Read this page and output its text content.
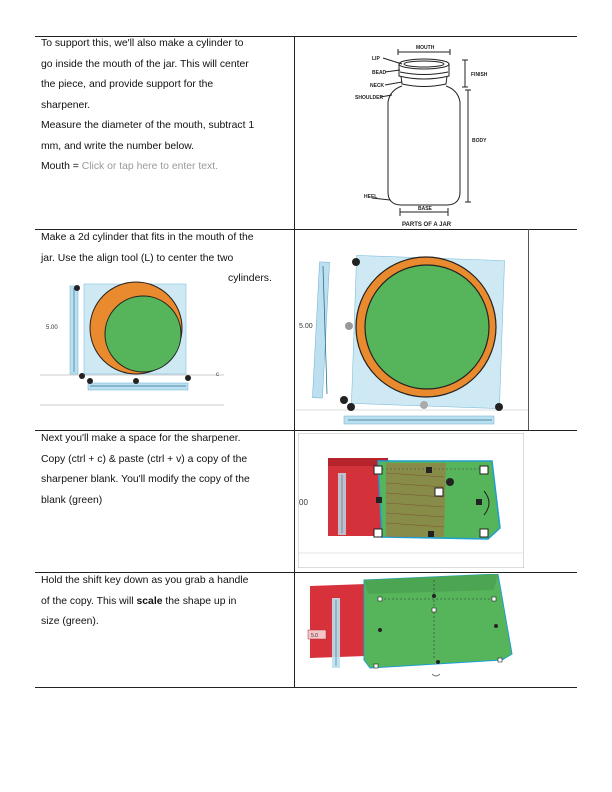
To support this, we'll also make a cylinder to
go inside the mouth of the jar. This will center
the piece, and provide support for the
sharpener.
Measure the diameter of the mouth, subtract 1
mm, and write the number below.
Mouth = Click or tap here to enter text.
MOUTH
LIP
BEAD
NECK
SHOULDER
FINISH
BODY
HEEL
BASE
PARTS OF A JAR
Make a 2d cylinder that fits in the mouth of the
jar. Use the align tool (L) to center the two
cylinders.
5.00
c
5.00
Next you'll make a space for the sharpener.
Copy (ctrl + c) & paste (ctrl + v) a copy of the
sharpener blank. You'll modify the copy of the
blank (green)	00
Hold the shift key down as you grab a handle
of the copy. This will scale the shape up in
size (green).
5.0
